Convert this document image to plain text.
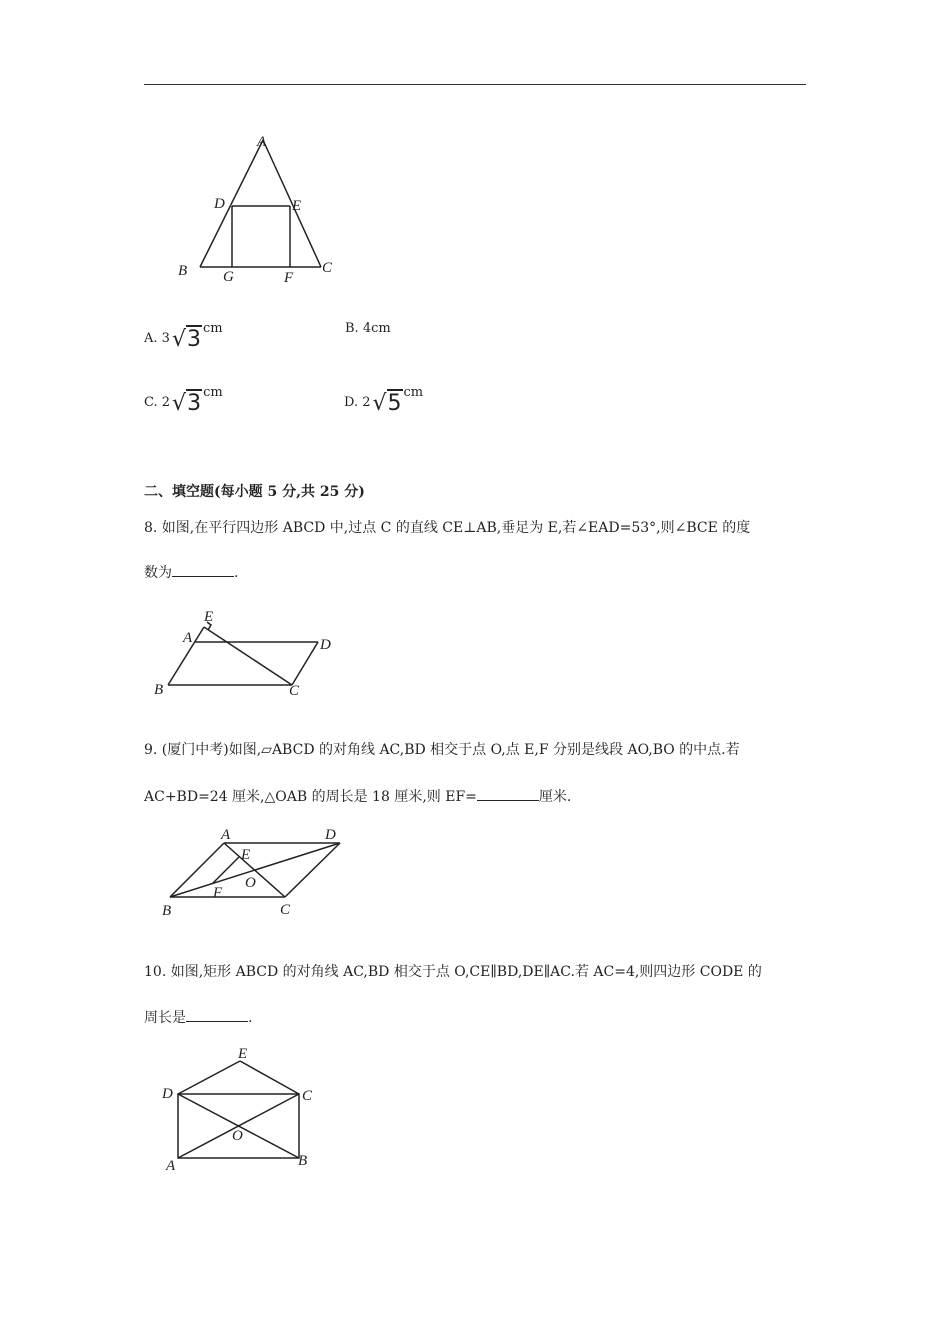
A
B	C
D	E
F
G
A. 3 √3 cm	B. 4cm
C. 2 √3 cm
D. 2 √5 cm
二、填空题(每小题 5 分,共 25 分)
8. 如图,在平行四边形 ABCD 中,过点 C 的直线 CE⊥AB,垂足为 E,若∠EAD=53°,则∠BCE 的度
数为	.
E
A	D
B	C
9. (厦门中考)如图,▱ABCD 的对角线 AC,BD 相交于点 O,点 E,F 分别是线段 AO,BO 的中点.若
AC+BD=24 厘米,△OAB 的周长是 18 厘米,则 EF=	厘米.
A	D
E
O
F
B	C
10. 如图,矩形 ABCD 的对角线 AC,BD 相交于点 O,CE∥BD,DE∥AC.若 AC=4,则四边形 CODE 的
周长是	.
E
D	C
O
A	B
